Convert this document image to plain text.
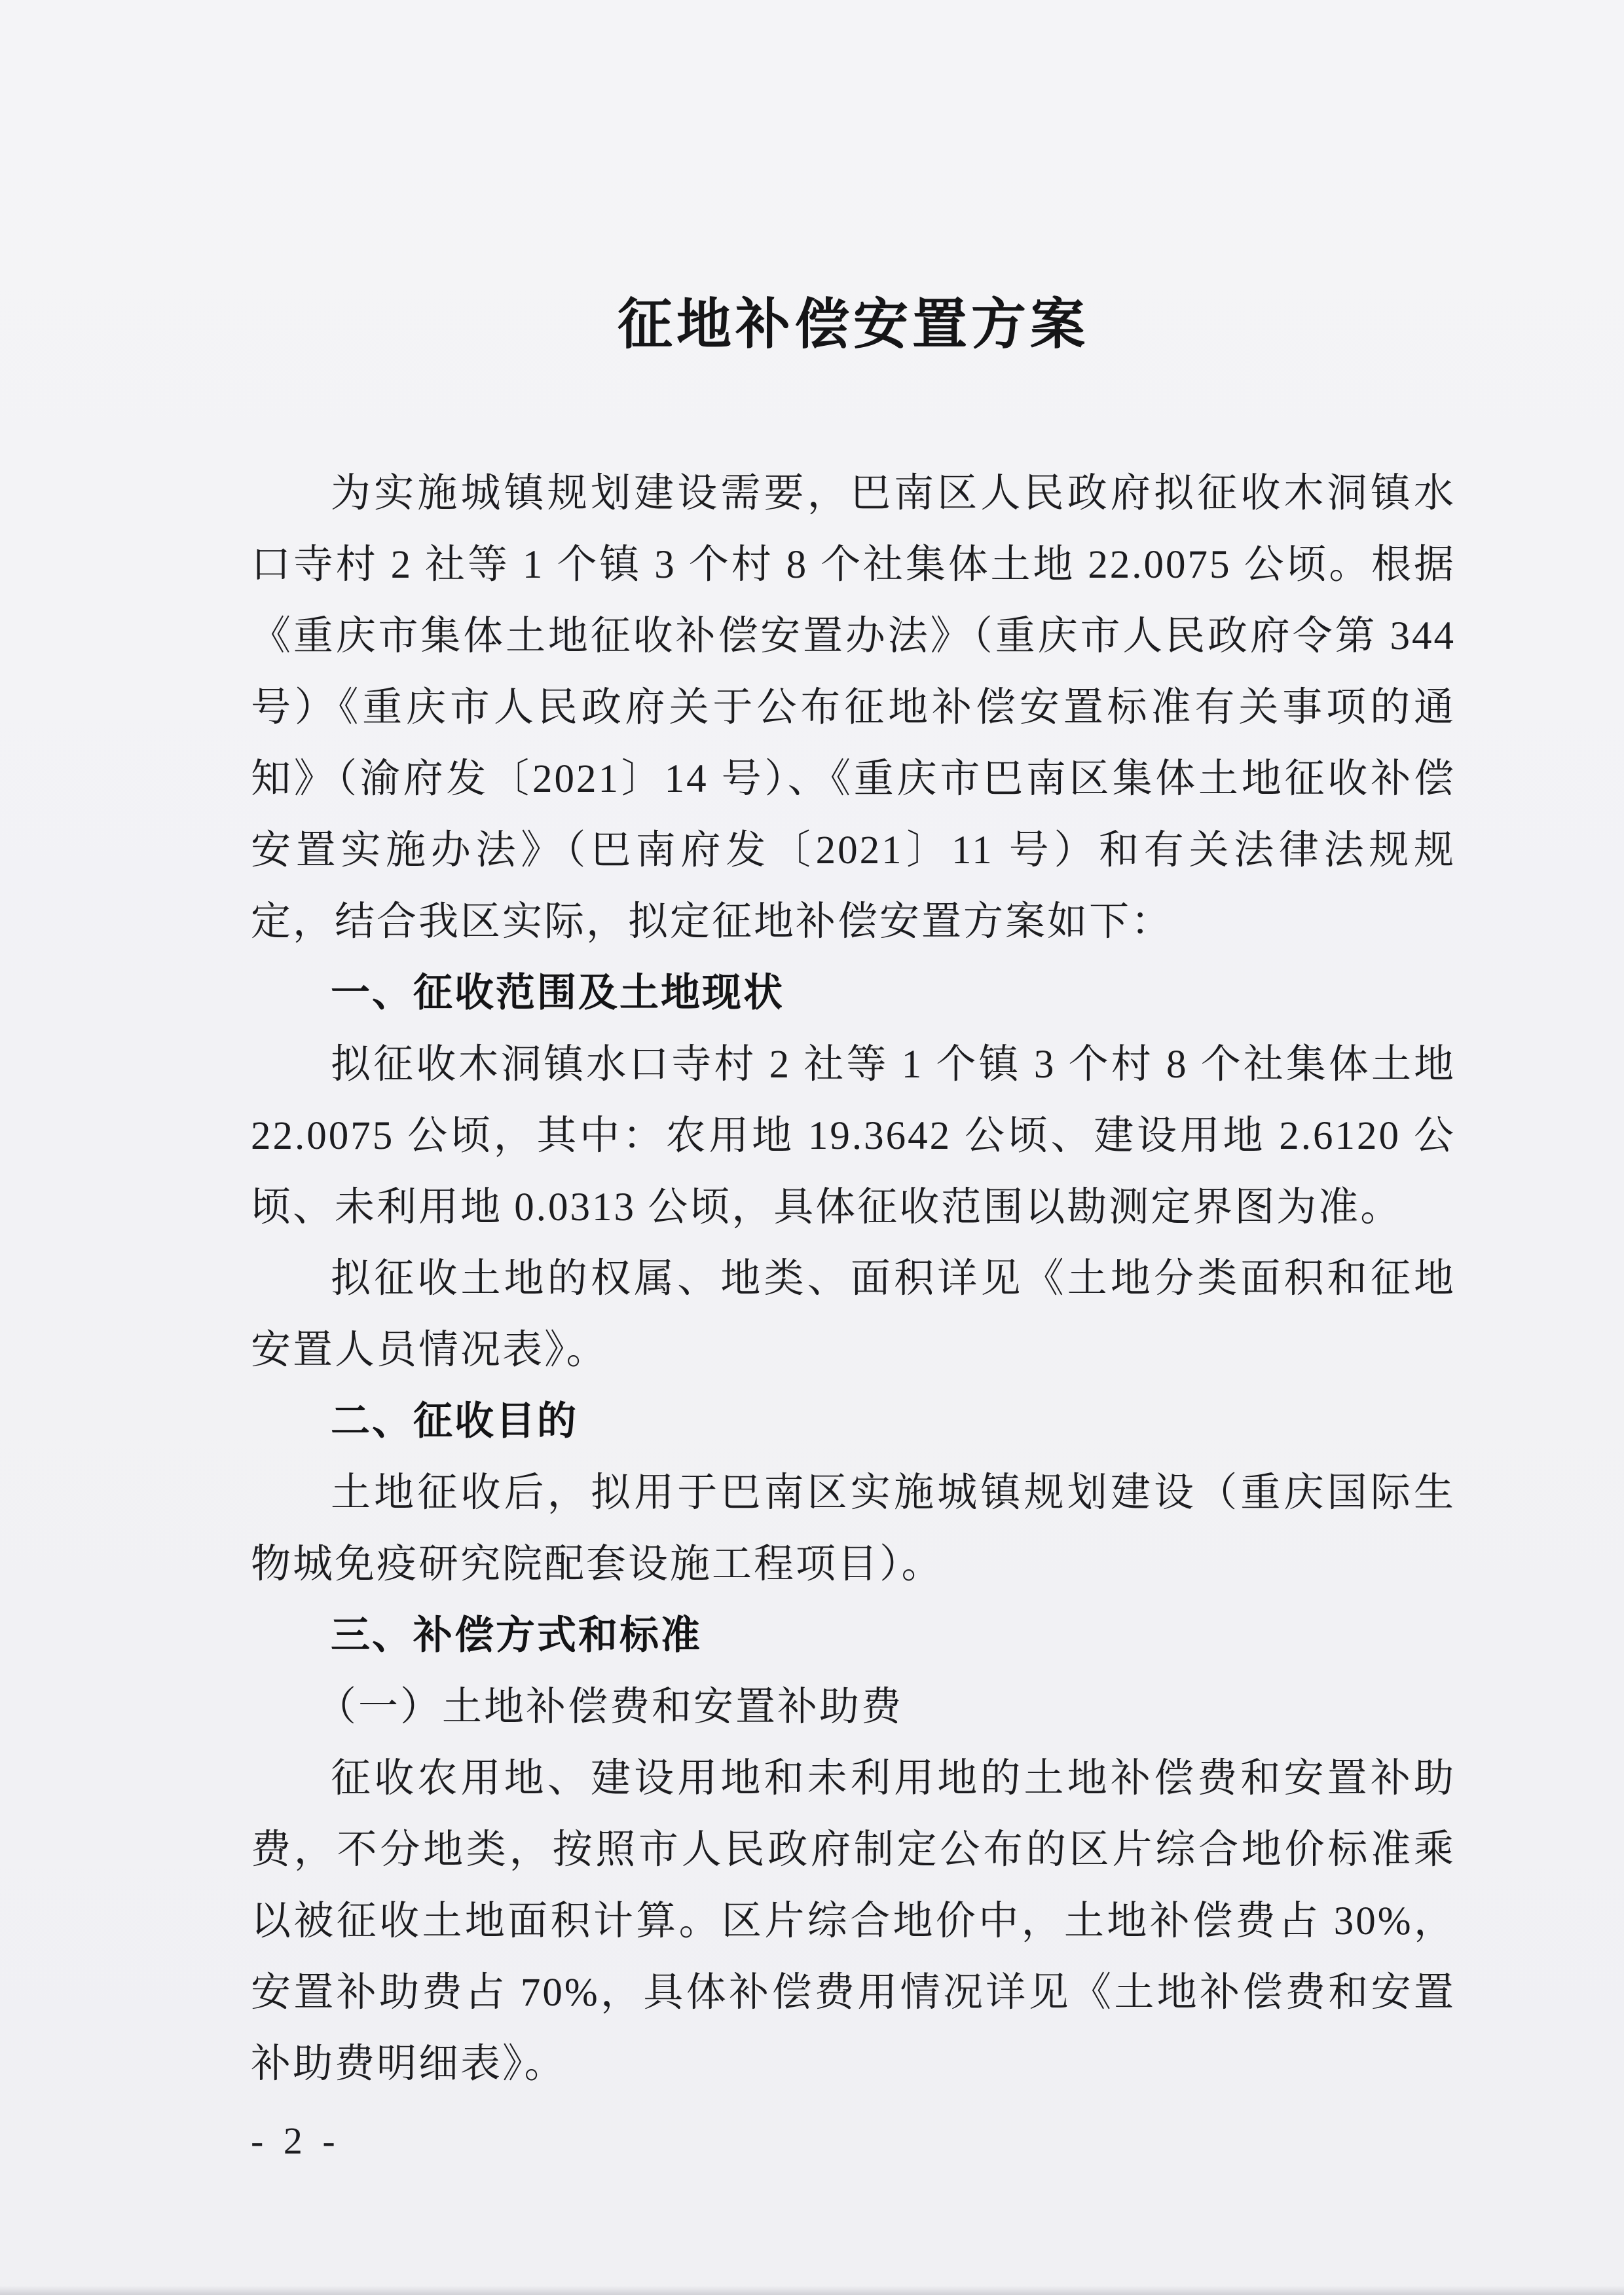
征地补偿安置方案

为实施城镇规划建设需要，巴南区人民政府拟征收木洞镇水口寺村 2 社等 1 个镇 3 个村 8 个社集体土地 22.0075 公顷。根据《重庆市集体土地征收补偿安置办法》（重庆市人民政府令第 344 号）《重庆市人民政府关于公布征地补偿安置标准有关事项的通知》（渝府发〔2021〕14 号）、《重庆市巴南区集体土地征收补偿安置实施办法》（巴南府发〔2021〕11 号）和有关法律法规规定，结合我区实际，拟定征地补偿安置方案如下：

一、征收范围及土地现状

拟征收木洞镇水口寺村 2 社等 1 个镇 3 个村 8 个社集体土地 22.0075 公顷，其中：农用地 19.3642 公顷、建设用地 2.6120 公顷、未利用地 0.0313 公顷，具体征收范围以勘测定界图为准。

拟征收土地的权属、地类、面积详见《土地分类面积和征地安置人员情况表》。

二、征收目的

土地征收后，拟用于巴南区实施城镇规划建设（重庆国际生物城免疫研究院配套设施工程项目）。

三、补偿方式和标准

（一）土地补偿费和安置补助费

征收农用地、建设用地和未利用地的土地补偿费和安置补助费，不分地类，按照市人民政府制定公布的区片综合地价标准乘以被征收土地面积计算。区片综合地价中，土地补偿费占 30%，安置补助费占 70%，具体补偿费用情况详见《土地补偿费和安置补助费明细表》。

- 2 -
